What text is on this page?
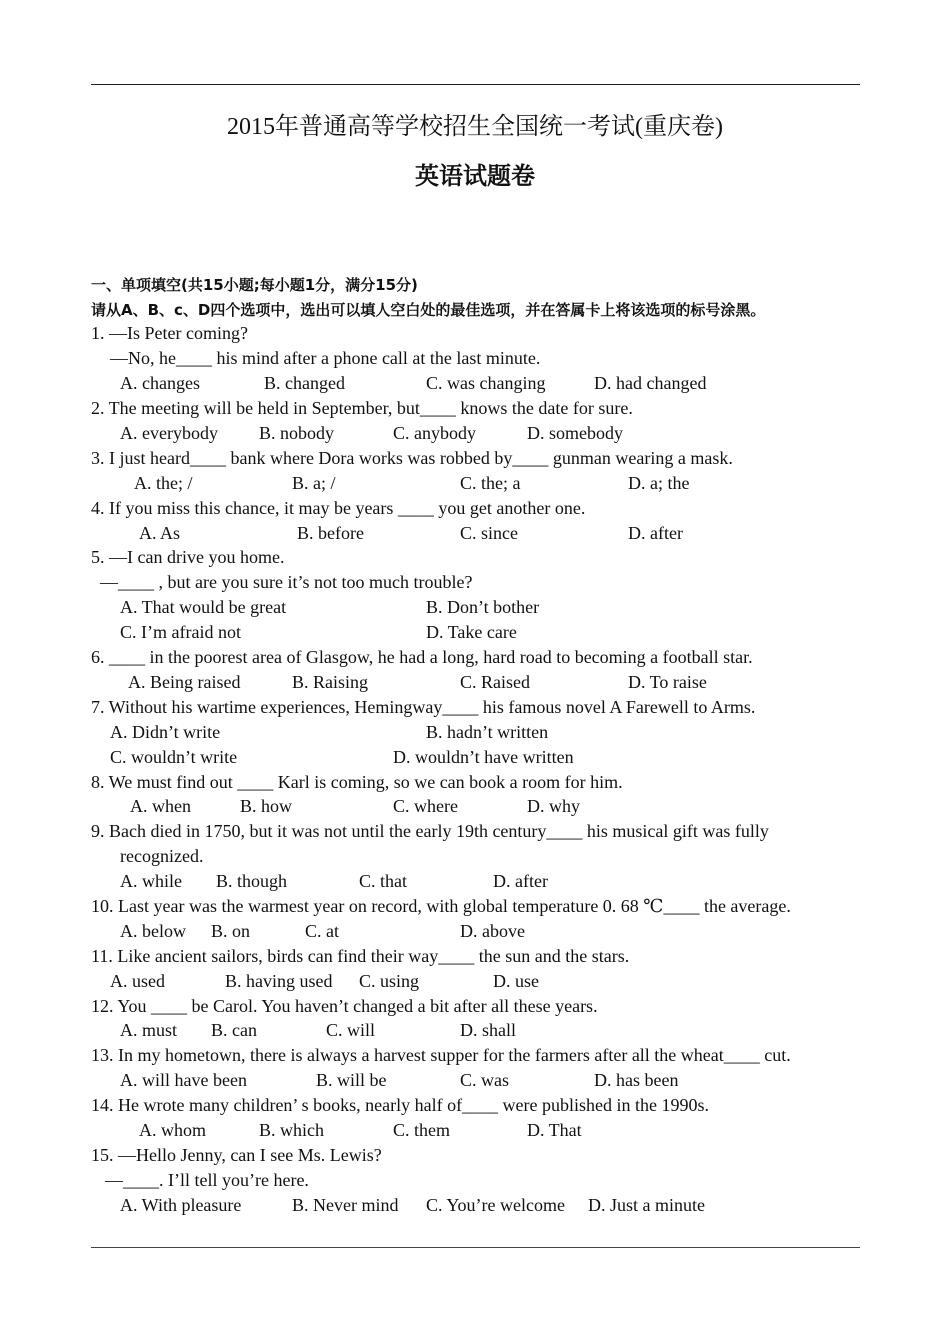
2015年普通高等学校招生全国统一考试(重庆卷)
英语试题卷
一、单项填空(共15小题;每小题1分，满分15分)
请从A、B、c、D四个选项中，选出可以填人空白处的最佳选项，并在答属卡上将该选项的标号涂黑。
1. —Is Peter coming?
—No, he____ his mind after a phone call at the last minute.
A. changes	B. changed	C. was changing	D. had changed
2. The meeting will be held in September, but____ knows the date for sure.
A. everybody B. nobody	C. anybody	D. somebody
3. I just heard____ bank where Dora works was robbed by____ gunman wearing a mask.
A. the; /	B. a; /	C. the; a	D. a; the
4. If you miss this chance, it may be years ____ you get another one.
A. As	B. before	C. since	D. after
5. —I can drive you home.
—____ , but are you sure it’s not too much trouble?
A. That would be great	B. Don’t bother
C. I’m afraid not	D. Take care
6. ____ in the poorest area of Glasgow, he had a long, hard road to becoming a football star.
A. Being raised	B. Raising	C. Raised	D. To raise
7. Without his wartime experiences, Hemingway____ his famous novel A Farewell to Arms.
A. Didn’t write	B. hadn’t written
C. wouldn’t write	D. wouldn’t have written
8. We must find out ____ Karl is coming, so we can book a room for him.
A. when	B. how	C. where	D. why
9. Bach died in 1750, but it was not until the early 19th century____ his musical gift was fully
recognized.
A. while B. though	C. that	D. after
10. Last year was the warmest year on record, with global temperature 0. 68 ℃____ the average.
A. below B. on	C. at	D. above
11. Like ancient sailors, birds can find their way____ the sun and the stars.
A. used	B. having used C. using	D. use
12. You ____ be Carol. You haven’t changed a bit after all these years.
A. must B. can	C. will	D. shall
13. In my hometown, there is always a harvest supper for the farmers after all the wheat____ cut.
A. will have been	B. will be	C. was	D. has been
14. He wrote many children’ s books, nearly half of____ were published in the 1990s.
A. whom	B. which	C. them	D. That
15. —Hello Jenny, can I see Ms. Lewis?
—____. I’ll tell you’re here.
A. With pleasure	B. Never mind C. You’re welcome D. Just a minute
